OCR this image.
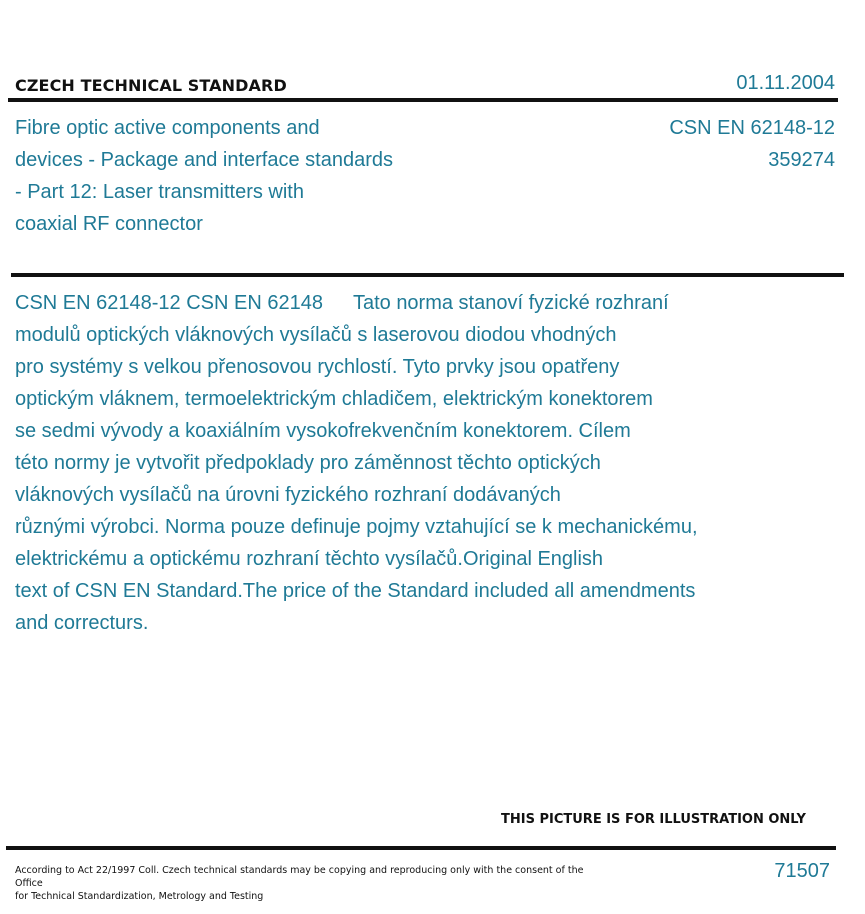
CZECH TECHNICAL STANDARD	01.11.2004
Fibre optic active components and
devices - Package and interface standards
- Part 12: Laser transmitters with
coaxial RF connector
CSN EN 62148-12
359274
CSN EN 62148-12 CSN EN 62148 Tato norma stanoví fyzické rozhraní
modulů optických vláknových vysílačů s laserovou diodou vhodných
pro systémy s velkou přenosovou rychlostí. Tyto prvky jsou opatřeny
optickým vláknem, termoelektrickým chladičem, elektrickým konektorem
se sedmi vývody a koaxiálním vysokofrekvenčním konektorem. Cílem
této normy je vytvořit předpoklady pro záměnnost těchto optických
vláknových vysílačů na úrovni fyzického rozhraní dodávaných
různými výrobci. Norma pouze definuje pojmy vztahující se k mechanickému,
elektrickému a optickému rozhraní těchto vysílačů.Original English
text of CSN EN Standard.The price of the Standard included all amendments
and correcturs.
THIS PICTURE IS FOR ILLUSTRATION ONLY
According to Act 22/1997 Coll. Czech technical standards may be copying and reproducing only with the consent of the Office
for Technical Standardization, Metrology and Testing
71507
